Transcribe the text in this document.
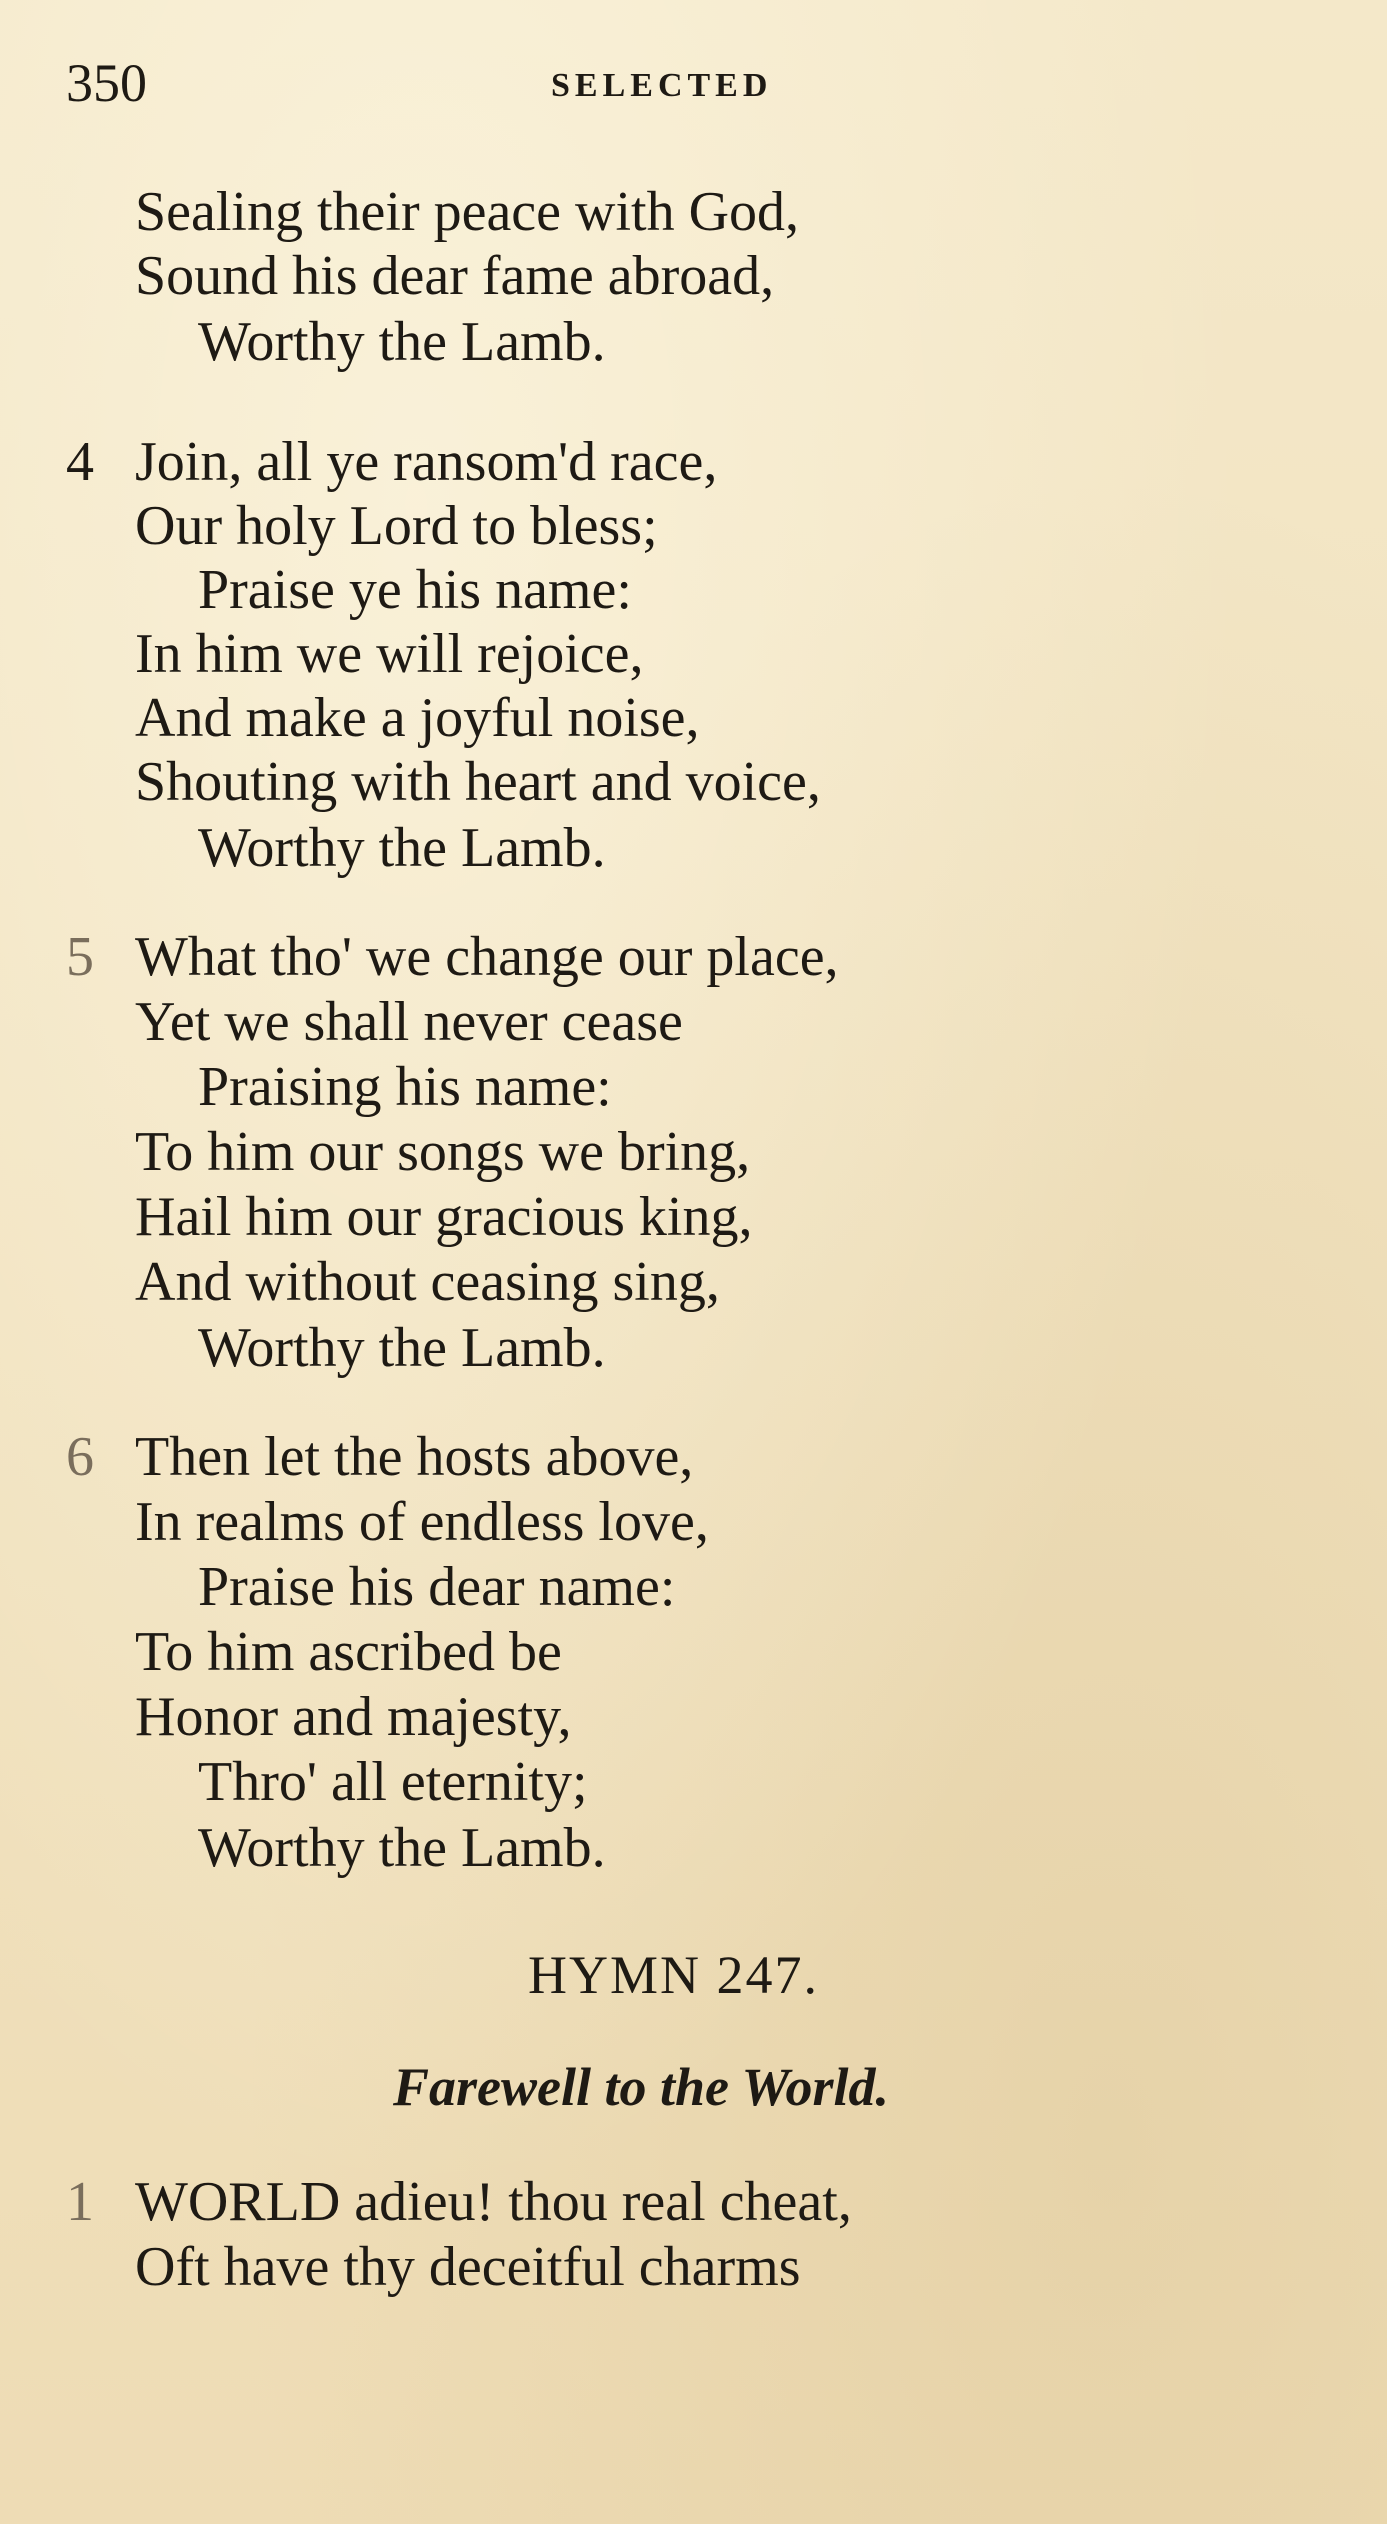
350	SELECTED
Sealing their peace with God,
Sound his dear fame abroad,
Worthy the Lamb.
4 Join, all ye ransom'd race,
Our holy Lord to bless;
Praise ye his name:
In him we will rejoice,
And make a joyful noise,
Shouting with heart and voice,
Worthy the Lamb.
5 What tho' we change our place,
Yet we shall never cease
Praising his name:
To him our songs we bring,
Hail him our gracious king,
And without ceasing sing,
Worthy the Lamb.
6 Then let the hosts above,
In realms of endless love,
Praise his dear name:
To him ascribed be
Honor and majesty,
Thro' all eternity;
Worthy the Lamb.
HYMN 247.
Farewell to the World.
1 WORLD adieu! thou real cheat,
Oft have thy deceitful charms
